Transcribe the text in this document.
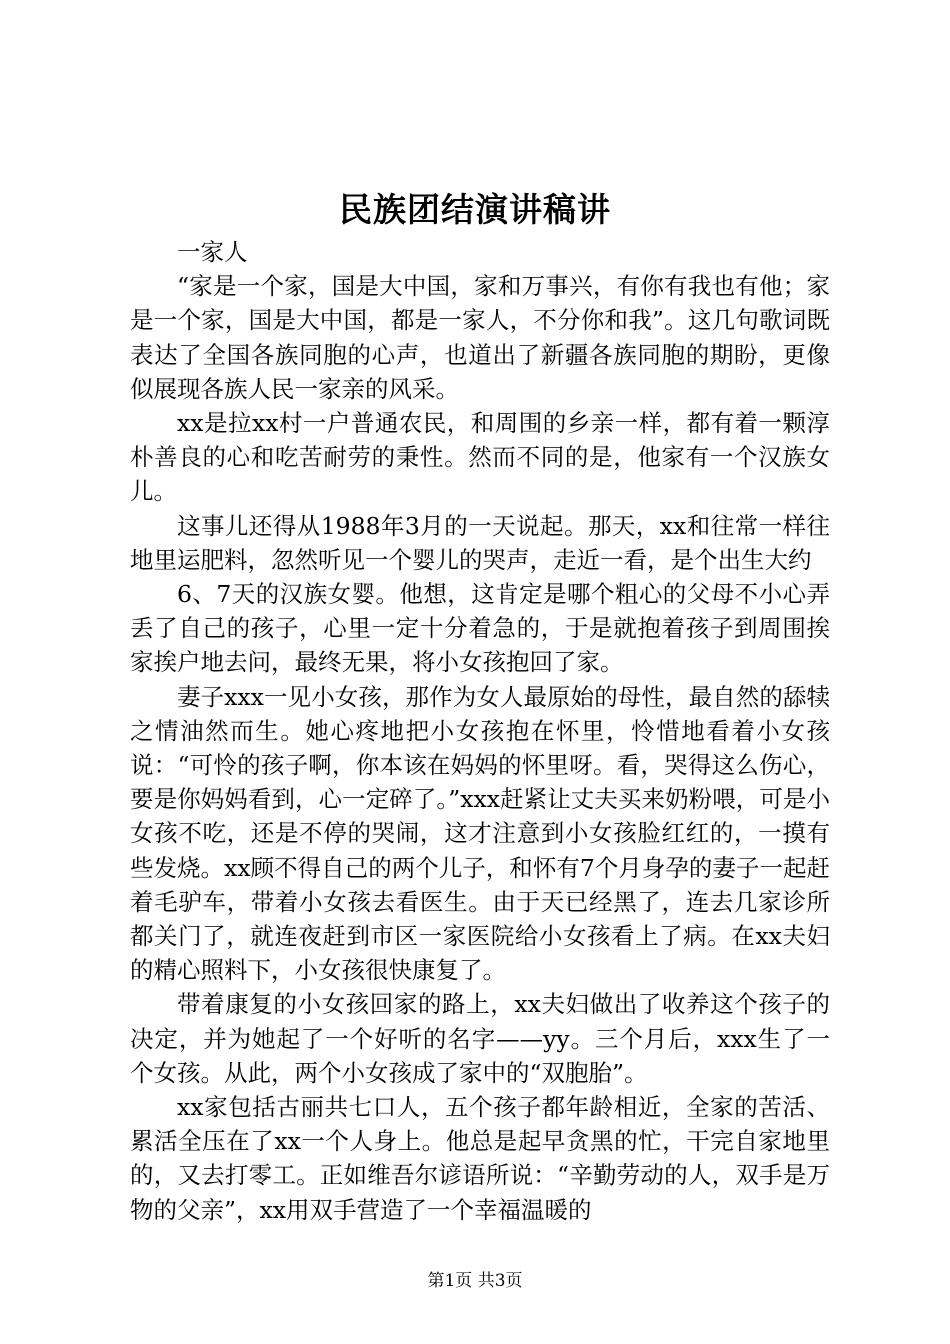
民族团结演讲稿讲

一家人

“家是一个家，国是大中国，家和万事兴，有你有我也有他；家是一个家，国是大中国，都是一家人，不分你和我”。这几句歌词既表达了全国各族同胞的心声，也道出了新疆各族同胞的期盼，更像似展现各族人民一家亲的风采。

xx是拉xx村一户普通农民，和周围的乡亲一样，都有着一颗淳朴善良的心和吃苦耐劳的秉性。然而不同的是，他家有一个汉族女儿。

这事儿还得从1988年3月的一天说起。那天，xx和往常一样往地里运肥料，忽然听见一个婴儿的哭声，走近一看，是个出生大约

6、7天的汉族女婴。他想，这肯定是哪个粗心的父母不小心弄丢了自己的孩子，心里一定十分着急的，于是就抱着孩子到周围挨家挨户地去问，最终无果，将小女孩抱回了家。

妻子xxx一见小女孩，那作为女人最原始的母性，最自然的舔犊之情油然而生。她心疼地把小女孩抱在怀里，怜惜地看着小女孩说：“可怜的孩子啊，你本该在妈妈的怀里呀。看，哭得这么伤心，要是你妈妈看到，心一定碎了。”xxx赶紧让丈夫买来奶粉喂，可是小女孩不吃，还是不停的哭闹，这才注意到小女孩脸红红的，一摸有些发烧。xx顾不得自己的两个儿子，和怀有7个月身孕的妻子一起赶着毛驴车，带着小女孩去看医生。由于天已经黑了，连去几家诊所都关门了，就连夜赶到市区一家医院给小女孩看上了病。在xx夫妇的精心照料下，小女孩很快康复了。

带着康复的小女孩回家的路上，xx夫妇做出了收养这个孩子的决定，并为她起了一个好听的名字——yy。三个月后，xxx生了一个女孩。从此，两个小女孩成了家中的“双胞胎”。

xx家包括古丽共七口人，五个孩子都年龄相近，全家的苦活、累活全压在了xx一个人身上。他总是起早贪黑的忙，干完自家地里的，又去打零工。正如维吾尔谚语所说：“辛勤劳动的人，双手是万物的父亲”，xx用双手营造了一个幸福温暖的

第1页 共3页
